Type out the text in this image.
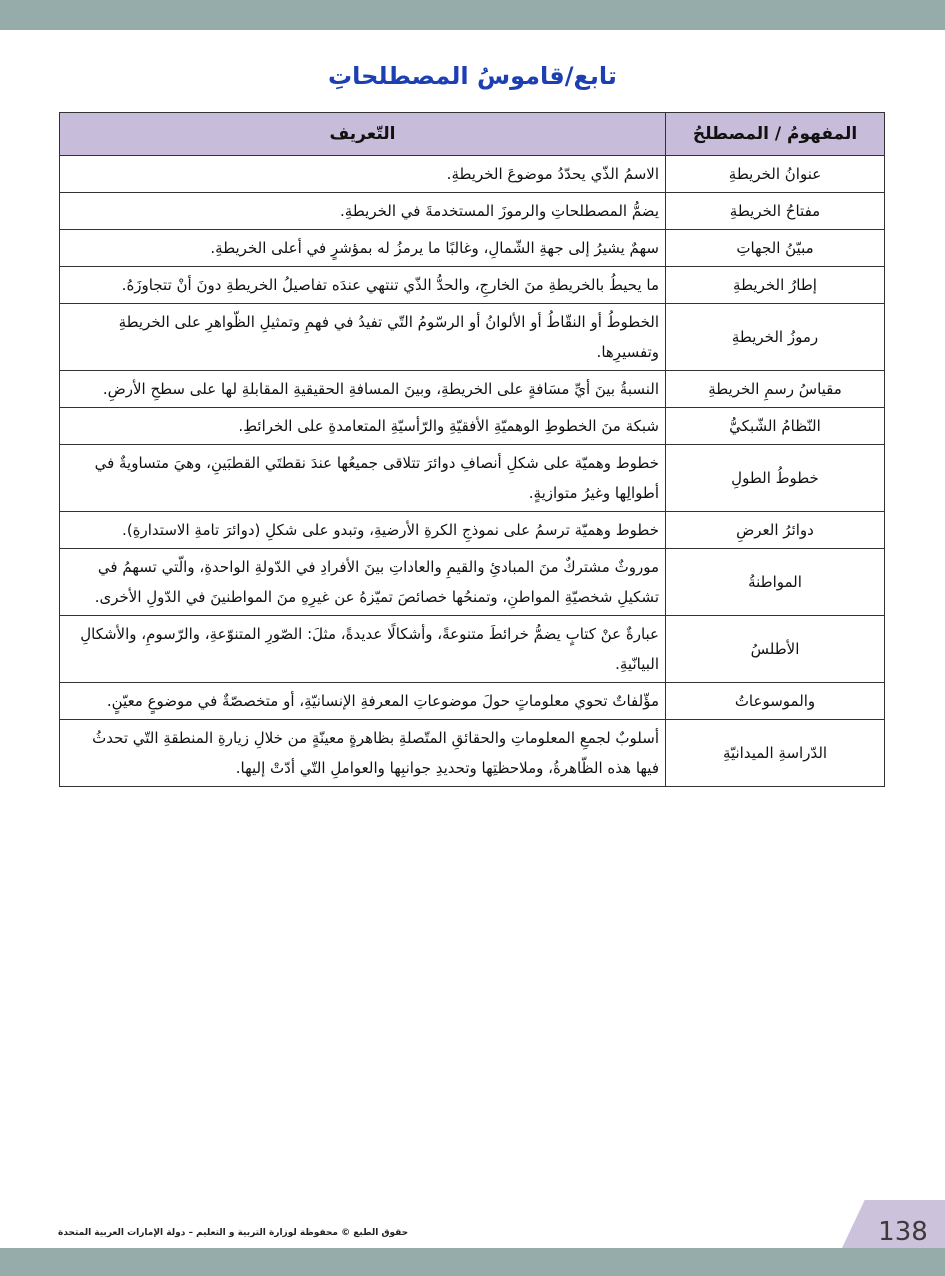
تابع/قاموسُ المصطلحاتِ
المفهومُ / المصطلحُ	التّعريف
عنوانُ الخريطةِ	الاسمُ الذّي يحدّدُ موضوعَ الخريطةِ.
مفتاحُ الخريطةِ	يضمُّ المصطلحاتِ والرموزَ المستخدمةَ في الخريطةِ.
مبيّنُ الجهاتِ	سهمٌ يشيرُ إلى جهةِ الشّمالِ، وغالبًا ما يرمزُ له بمؤشرٍ في أعلى الخريطةِ.
إطارُ الخريطةِ	ما يحيطُ بالخريطةِ منَ الخارجِ، والحدُّ الذّي تنتهي عندَه تفاصيلُ الخريطةِ دونَ أنْ تتجاوزَهُ.
رموزُ الخريطةِ	الخطوطُ أو النقّاطُ أو الألوانُ أو الرسّومُ التّي تفيدُ في فهمِ وتمثيلِ الظّواهرِ على الخريطةِ وتفسيرِها.
مقياسُ رسمِ الخريطةِ	النسبةُ بينَ أيِّ مسَافةٍ على الخريطةِ، وبينَ المسافةِ الحقيقيةِ المقابلةِ لها على سطحِ الأرضِ.
النّظامُ الشّبكيُّ	شبكة منَ الخطوطِ الوهميّةِ الأفقيّةِ والرّأسيّةِ المتعامدةِ على الخرائطِ.
خطوطُ الطولِ	خطوط وهميّة على شكلِ أنصافِ دوائرَ تتلاقى جميعُها عندَ نقطتَي القطبَينِ، وهيَ متساويةٌ في أطوالِها وغيرُ متوازيةٍ.
دوائرُ العرضِ	خطوط وهميّة ترسمُ على نموذجِ الكرةِ الأرضيةِ، وتبدو على شكلِ (دوائرَ تامةِ الاستدارةِ).
المواطنةُ	موروثٌ مشتركٌ منَ المبادئِ والقيمِ والعاداتِ بينَ الأفرادِ في الدّولةِ الواحدةِ، والّتي تسهمُ في تشكيلِ شخصيّةِ المواطنِ، وتمنحُها خصائصَ تميّزهُ عن غيرِهِ منَ المواطنينَ في الدّولِ الأخرى.
الأطلسُ	عبارةٌ عنْ كتابٍ يضمُّ خرائطَ متنوعةً، وأشكالًا عديدةً، مثلَ: الصّورِ المتنوّعةِ، والرّسومِ، والأشكالِ البيانّيةِ.
والموسوعاتُ	مؤّلفاتٌ تحوي معلوماتٍ حولَ موضوعاتِ المعرفةِ الإنسانيّةِ، أو متخصصّةٌ في موضوعٍ معيّنٍ.
الدّراسةِ الميدانيّةِ	أسلوبٌ لجمعِ المعلوماتِ والحقائقِ المتّصلةِ بظاهرةٍ معينّةٍ من خلالِ زيارةِ المنطقةِ التّي تحدثُ فيها هذه الظّاهرةُ، وملاحظتِها وتحديدِ جوانبِها والعواملِ التّي أدّتْ إليها.
حقوق الطبع © محفوظة لوزارة التربية و التعليم – دولة الإمارات العربية المتحدة	138
